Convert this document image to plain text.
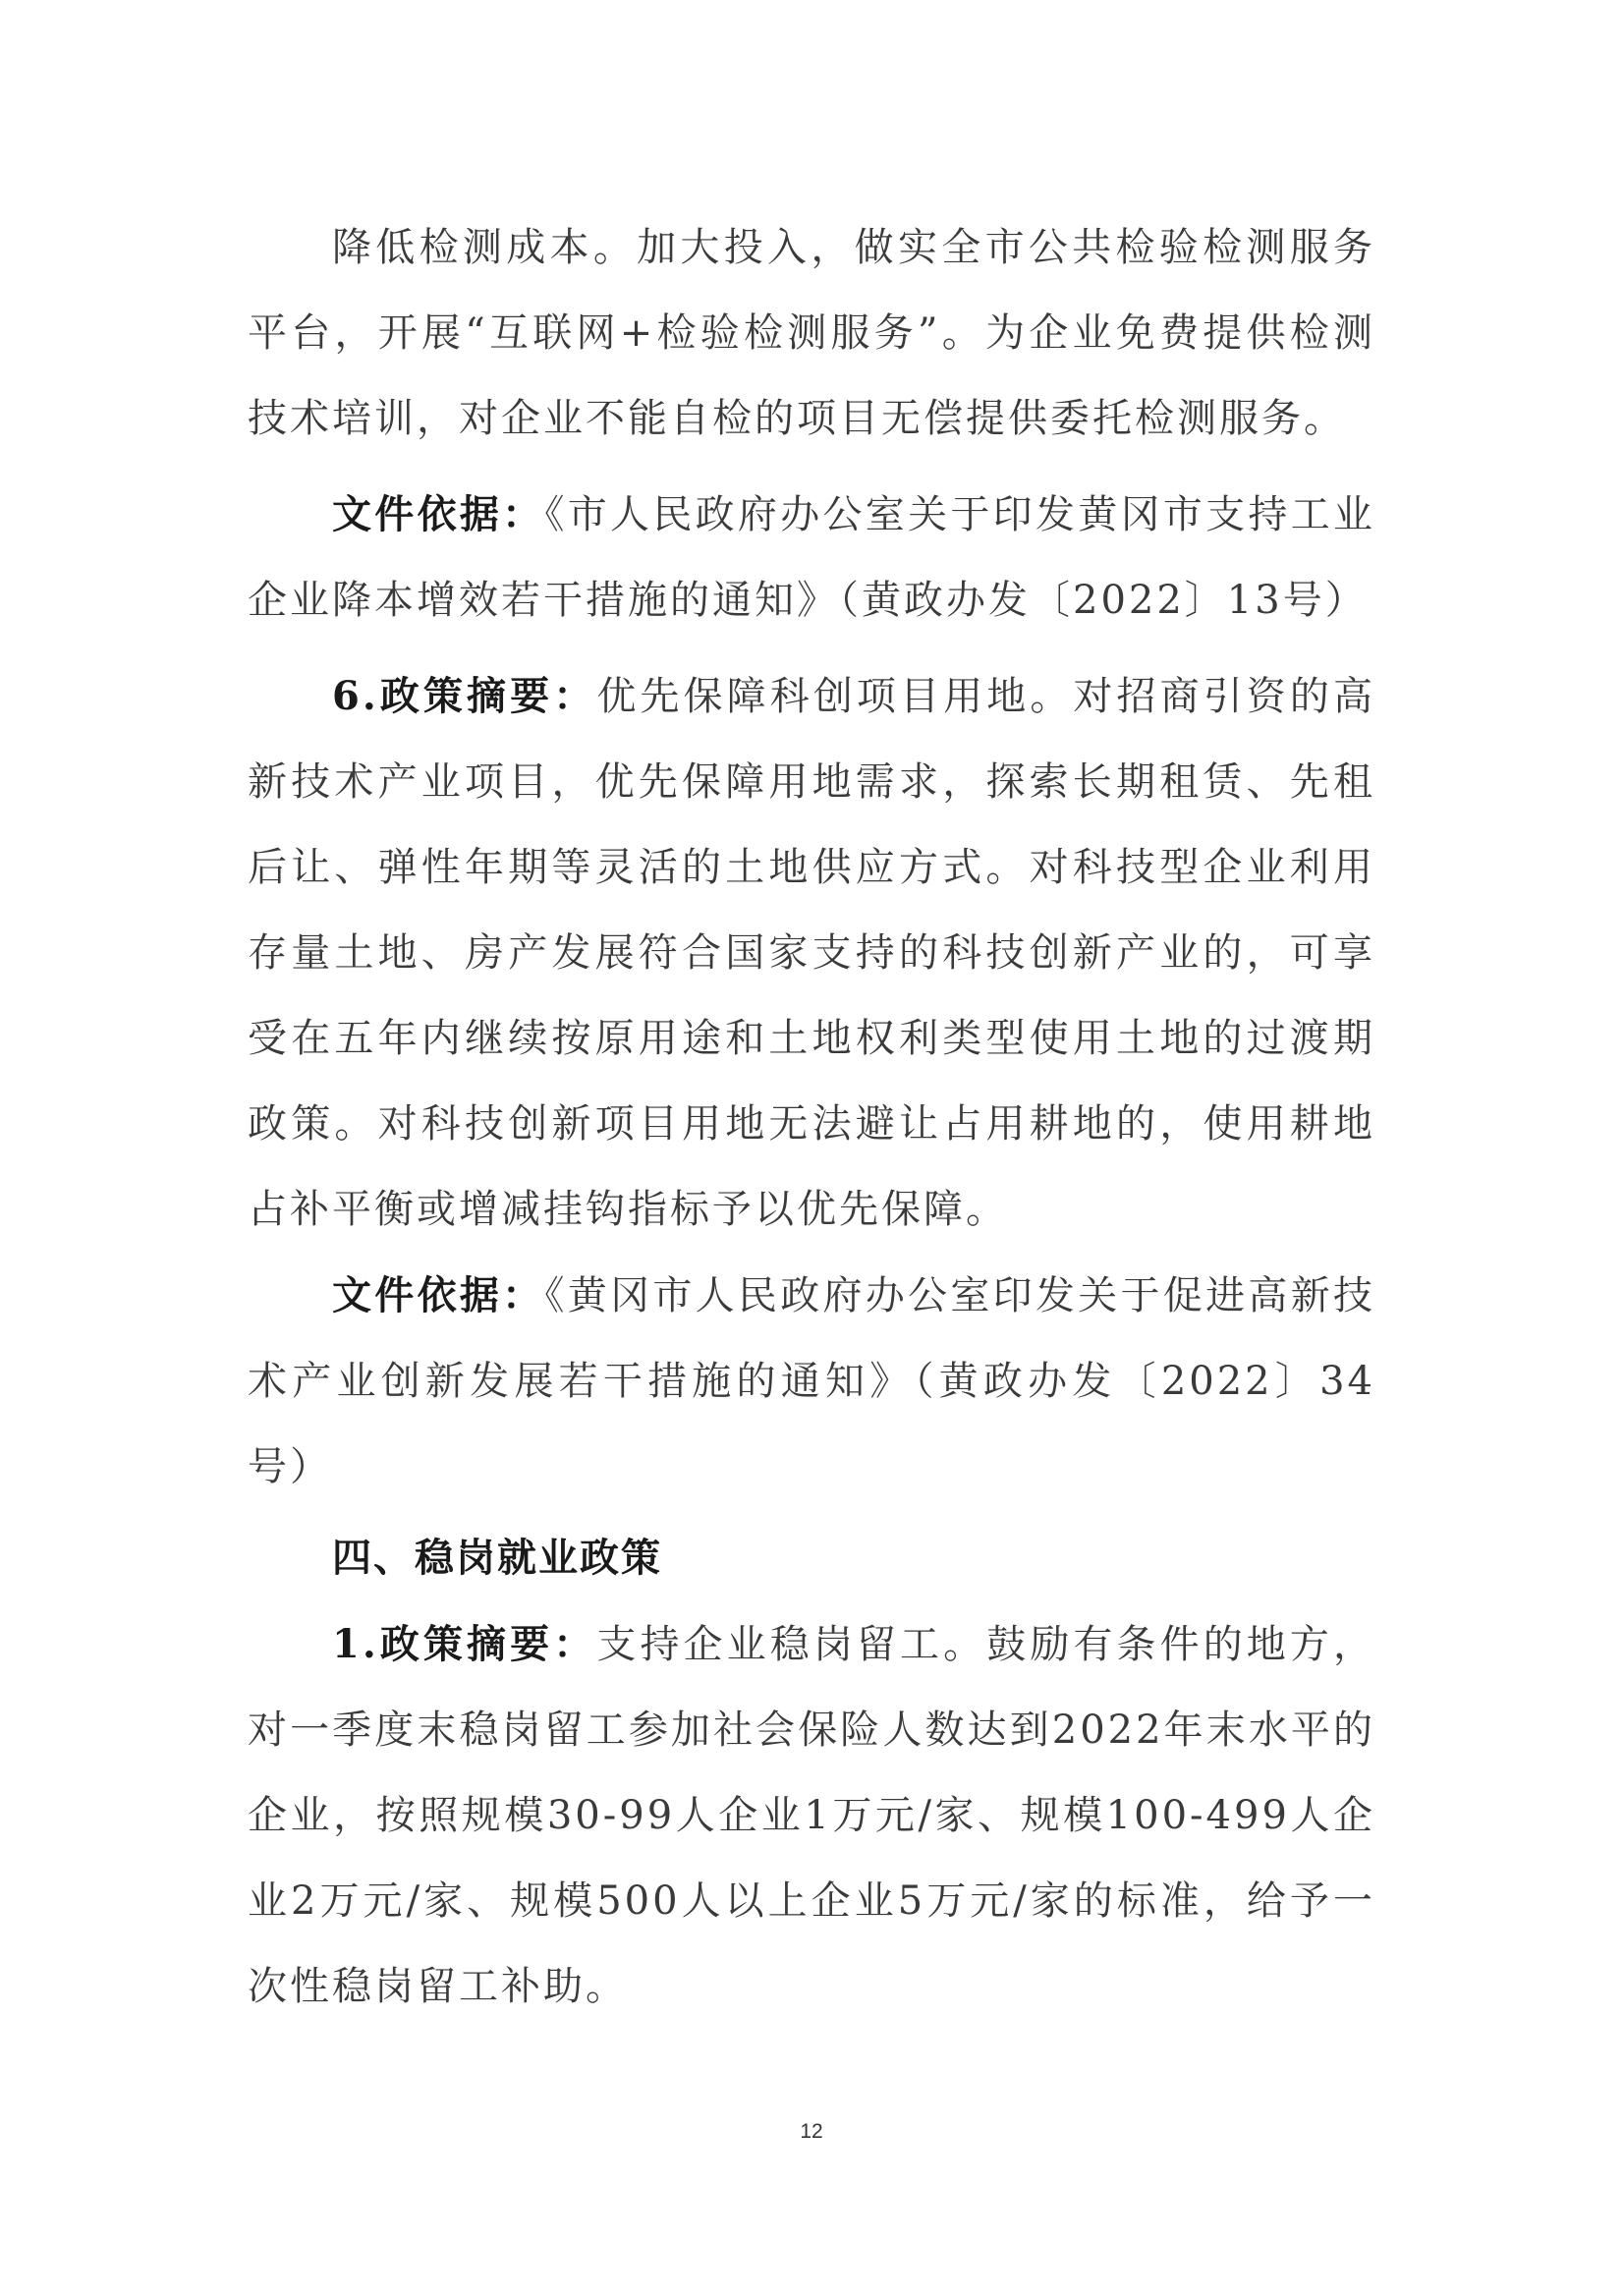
降低检测成本。加大投入，做实全市公共检验检测服务平台，开展“互联网+检验检测服务”。为企业免费提供检测技术培训，对企业不能自检的项目无偿提供委托检测服务。

文件依据：《市人民政府办公室关于印发黄冈市支持工业企业降本增效若干措施的通知》（黄政办发〔2022〕13号）

6.政策摘要：优先保障科创项目用地。对招商引资的高新技术产业项目，优先保障用地需求，探索长期租赁、先租后让、弹性年期等灵活的土地供应方式。对科技型企业利用存量土地、房产发展符合国家支持的科技创新产业的，可享受在五年内继续按原用途和土地权利类型使用土地的过渡期政策。对科技创新项目用地无法避让占用耕地的，使用耕地占补平衡或增减挂钩指标予以优先保障。

文件依据：《黄冈市人民政府办公室印发关于促进高新技术产业创新发展若干措施的通知》（黄政办发〔2022〕34号）

四、稳岗就业政策

1.政策摘要：支持企业稳岗留工。鼓励有条件的地方，对一季度末稳岗留工参加社会保险人数达到2022年末水平的企业，按照规模30-99人企业1万元/家、规模100-499人企业2万元/家、规模500人以上企业5万元/家的标准，给予一次性稳岗留工补助。

12
